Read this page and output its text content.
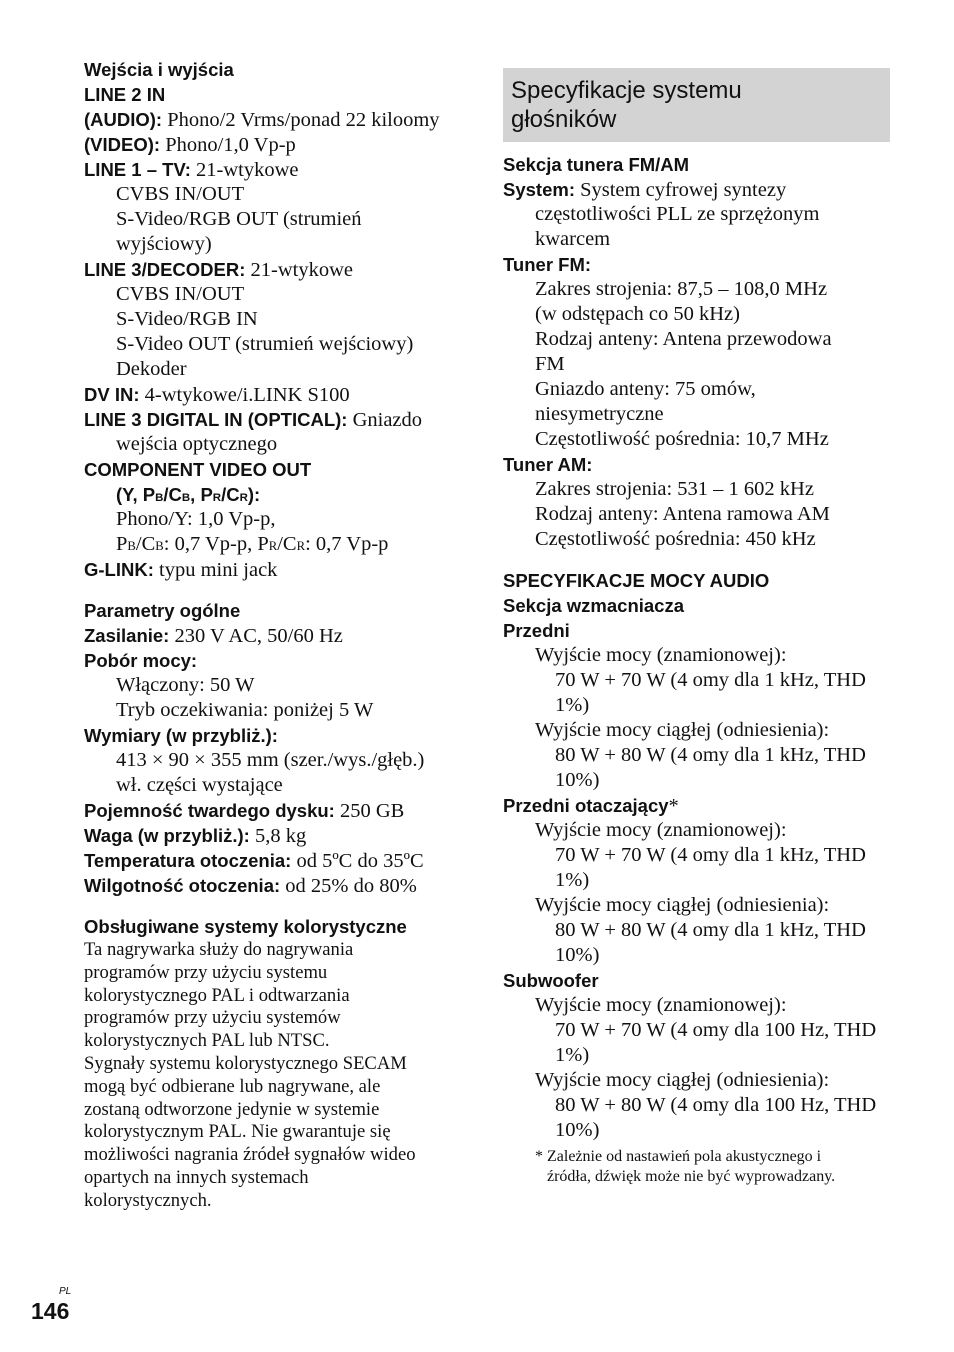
Wejścia i wyjścia
LINE 2 IN
(AUDIO): Phono/2 Vrms/ponad 22 kiloomy
(VIDEO): Phono/1,0 Vp-p
LINE 1 – TV: 21-wtykowe
CVBS IN/OUT
S-Video/RGB OUT (strumień
wyjściowy)
LINE 3/DECODER: 21-wtykowe
CVBS IN/OUT
S-Video/RGB IN
S-Video OUT (strumień wejściowy)
Dekoder
DV IN: 4-wtykowe/i.LINK S100
LINE 3 DIGITAL IN (OPTICAL): Gniazdo
wejścia optycznego
COMPONENT VIDEO OUT
(Y, PB/CB, PR/CR):
Phono/Y: 1,0 Vp-p,
PB/CB: 0,7 Vp-p, PR/CR: 0,7 Vp-p
G-LINK: typu mini jack
Parametry ogólne
Zasilanie: 230 V AC, 50/60 Hz
Pobór mocy:
Włączony: 50 W
Tryb oczekiwania: poniżej 5 W
Wymiary (w przybliż.):
413 × 90 × 355 mm (szer./wys./głęb.)
wł. części wystające
Pojemność twardego dysku: 250 GB
Waga (w przybliż.): 5,8 kg
Temperatura otoczenia: od 5ºC do 35ºC
Wilgotność otoczenia: od 25% do 80%
Obsługiwane systemy kolorystyczne
Ta nagrywarka służy do nagrywania
programów przy użyciu systemu
kolorystycznego PAL i odtwarzania
programów przy użyciu systemów
kolorystycznych PAL lub NTSC.
Sygnały systemu kolorystycznego SECAM
mogą być odbierane lub nagrywane, ale
zostaną odtworzone jedynie w systemie
kolorystycznym PAL. Nie gwarantuje się
możliwości nagrania źródeł sygnałów wideo
opartych na innych systemach
kolorystycznych.
Specyfikacje systemu
głośników
Sekcja tunera FM/AM
System: System cyfrowej syntezy
częstotliwości PLL ze sprzężonym
kwarcem
Tuner FM:
Zakres strojenia: 87,5 – 108,0 MHz
(w odstępach co 50 kHz)
Rodzaj anteny: Antena przewodowa
FM
Gniazdo anteny: 75 omów,
niesymetryczne
Częstotliwość pośrednia: 10,7 MHz
Tuner AM:
Zakres strojenia: 531 – 1 602 kHz
Rodzaj anteny: Antena ramowa AM
Częstotliwość pośrednia: 450 kHz
SPECYFIKACJE MOCY AUDIO
Sekcja wzmacniacza
Przedni
Wyjście mocy (znamionowej):
70 W + 70 W (4 omy dla 1 kHz, THD
1%)
Wyjście mocy ciągłej (odniesienia):
80 W + 80 W (4 omy dla 1 kHz, THD
10%)
Przedni otaczający*
Wyjście mocy (znamionowej):
70 W + 70 W (4 omy dla 1 kHz, THD
1%)
Wyjście mocy ciągłej (odniesienia):
80 W + 80 W (4 omy dla 1 kHz, THD
10%)
Subwoofer
Wyjście mocy (znamionowej):
70 W + 70 W (4 omy dla 100 Hz, THD
1%)
Wyjście mocy ciągłej (odniesienia):
80 W + 80 W (4 omy dla 100 Hz, THD
10%)
* Zależnie od nastawień pola akustycznego i
źródła, dźwięk może nie być wyprowadzany.
PL
146
